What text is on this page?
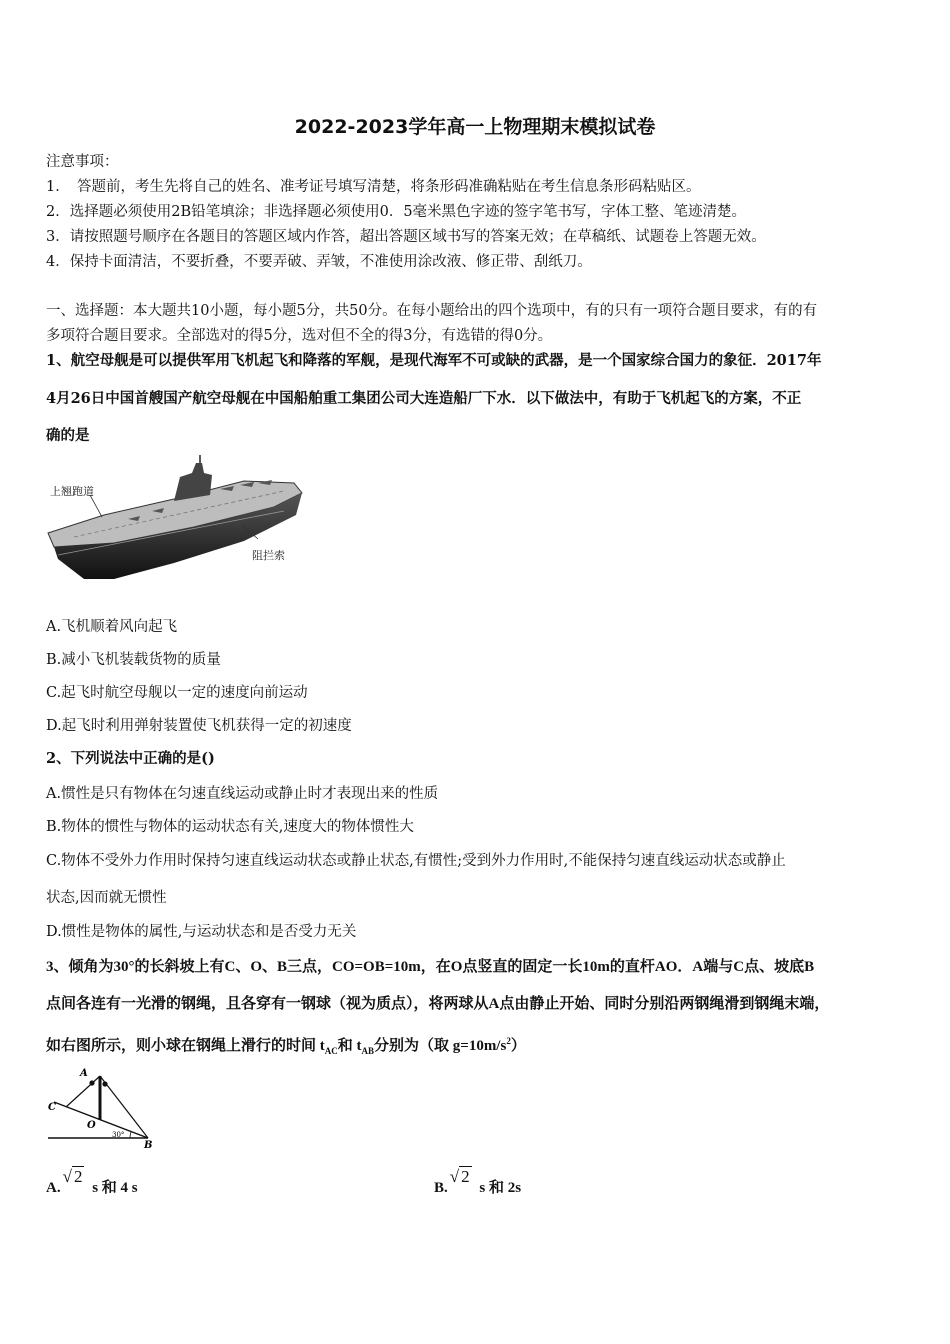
2022-2023学年高一上物理期末模拟试卷
注意事项：
1．　答题前，考生先将自己的姓名、准考证号填写清楚，将条形码准确粘贴在考生信息条形码粘贴区。
2．选择题必须使用2B铅笔填涂；非选择题必须使用0．5毫米黑色字迹的签字笔书写，字体工整、笔迹清楚。
3．请按照题号顺序在各题目的答题区域内作答，超出答题区域书写的答案无效；在草稿纸、试题卷上答题无效。
4．保持卡面清洁，不要折叠，不要弄破、弄皱，不准使用涂改液、修正带、刮纸刀。
一、选择题：本大题共10小题，每小题5分，共50分。在每小题给出的四个选项中，有的只有一项符合题目要求，有的有
多项符合题目要求。全部选对的得5分，选对但不全的得3分，有选错的得0分。
1、航空母舰是可以提供军用飞机起飞和降落的军舰，是现代海军不可或缺的武器，是一个国家综合国力的象征．2017年
4月26日中国首艘国产航空母舰在中国船舶重工集团公司大连造船厂下水．以下做法中，有助于飞机起飞的方案，不正
确的是
上翘跑道
阻拦索
A.飞机顺着风向起飞
B.减小飞机装载货物的质量
C.起飞时航空母舰以一定的速度向前运动
D.起飞时利用弹射装置使飞机获得一定的初速度
2、下列说法中正确的是()
A.惯性是只有物体在匀速直线运动或静止时才表现出来的性质
B.物体的惯性与物体的运动状态有关,速度大的物体惯性大
C.物体不受外力作用时保持匀速直线运动状态或静止状态,有惯性;受到外力作用时,不能保持匀速直线运动状态或静止
状态,因而就无惯性
D.惯性是物体的属性,与运动状态和是否受力无关
3、倾角为30°的长斜坡上有C、O、B三点，CO=OB=10m，在O点竖直的固定一长10m的直杆AO．A端与C点、坡底B
点间各连有一光滑的钢绳，且各穿有一钢球（视为质点），将两球从A点由静止开始、同时分别沿两钢绳滑到钢绳末端，
如右图所示，则小球在钢绳上滑行的时间 $t_{AC}$和 $t_{AB}$分别为（取 $g=10m/s^2$）
A
C
O
B
30°
A.√ 2 s 和 4 s	B.√ 2 s 和 2s
